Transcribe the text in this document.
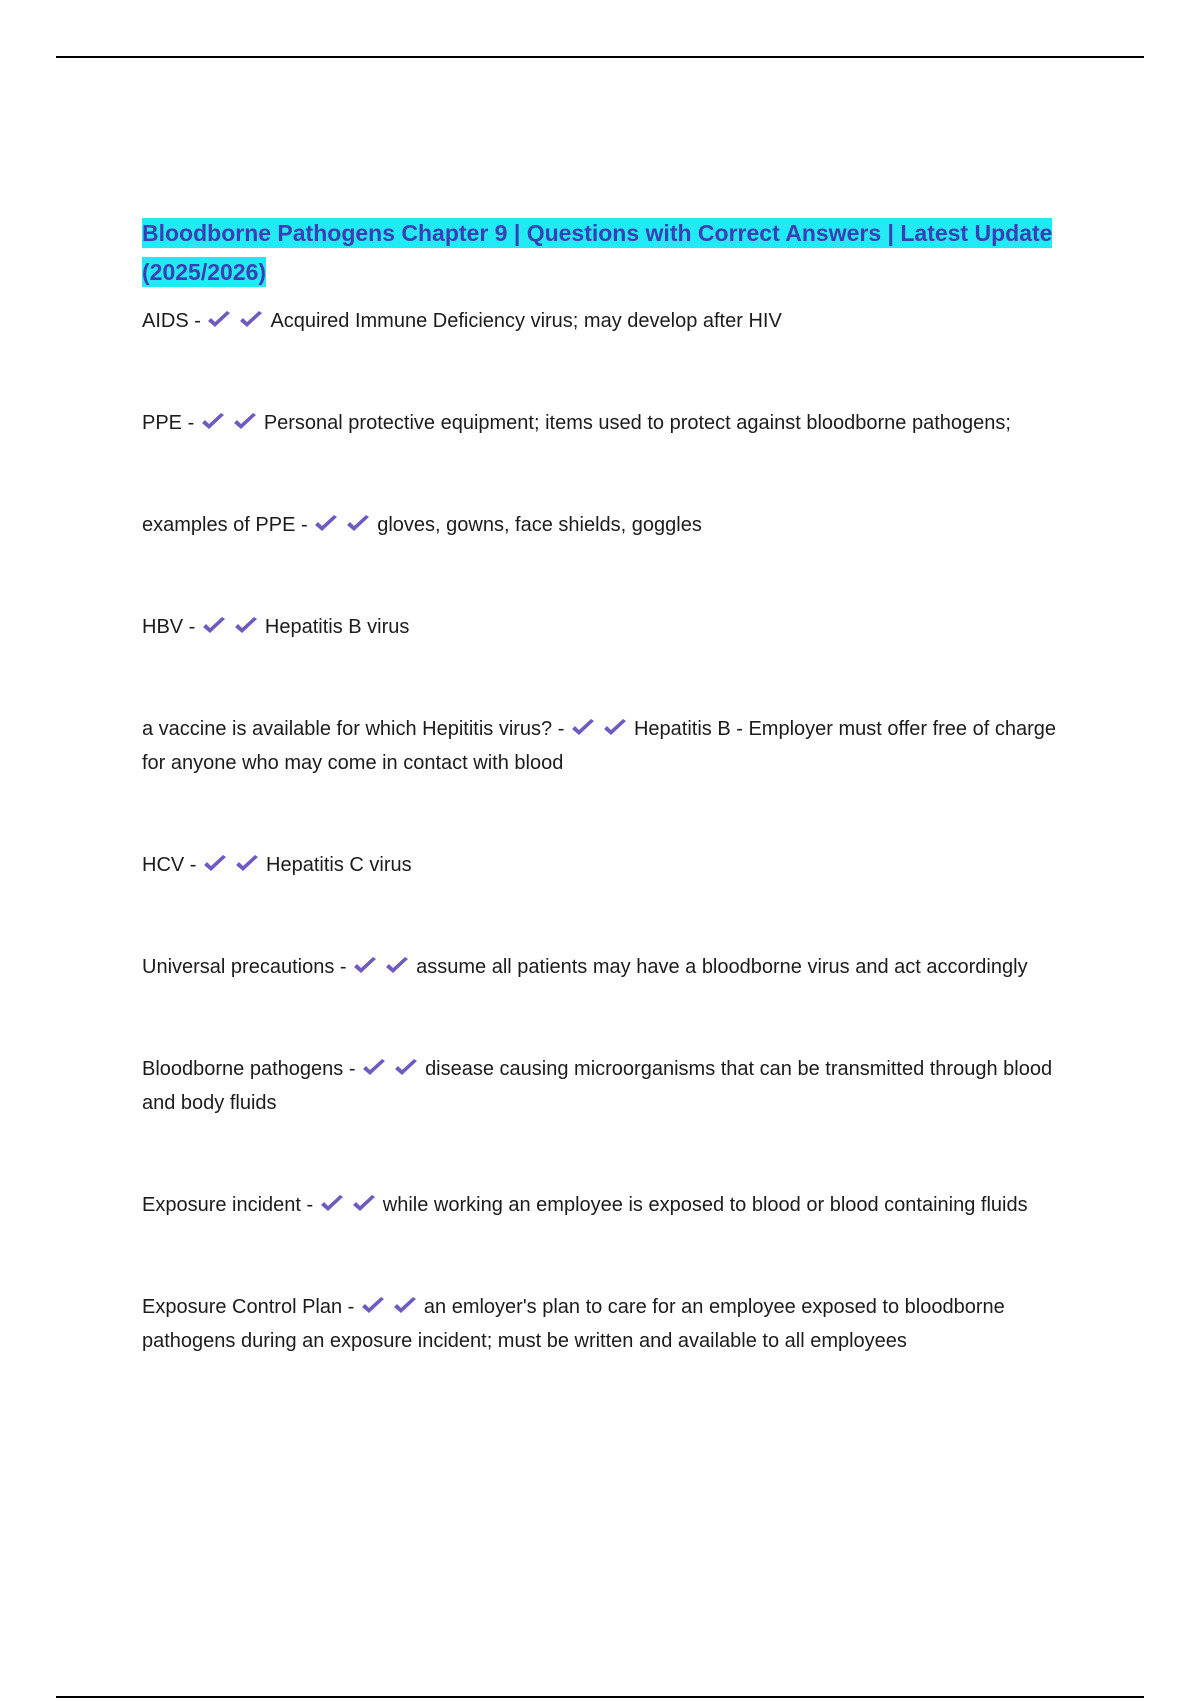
Bloodborne Pathogens Chapter 9 | Questions with Correct Answers | Latest Update (2025/2026)

AIDS -	Acquired Immune Deficiency virus; may develop after HIV

PPE -	Personal protective equipment; items used to protect against bloodborne pathogens;

examples of PPE -	gloves, gowns, face shields, goggles

HBV -	Hepatitis B virus

a vaccine is available for which Hepititis virus? -	Hepatitis B - Employer must offer free of charge for anyone who may come in contact with blood

HCV -	Hepatitis C virus

Universal precautions -	assume all patients may have a bloodborne virus and act accordingly

Bloodborne pathogens -	disease causing microorganisms that can be transmitted through blood and body fluids

Exposure incident -	while working an employee is exposed to blood or blood containing fluids

Exposure Control Plan -	an emloyer's plan to care for an employee exposed to bloodborne pathogens during an exposure incident; must be written and available to all employees
